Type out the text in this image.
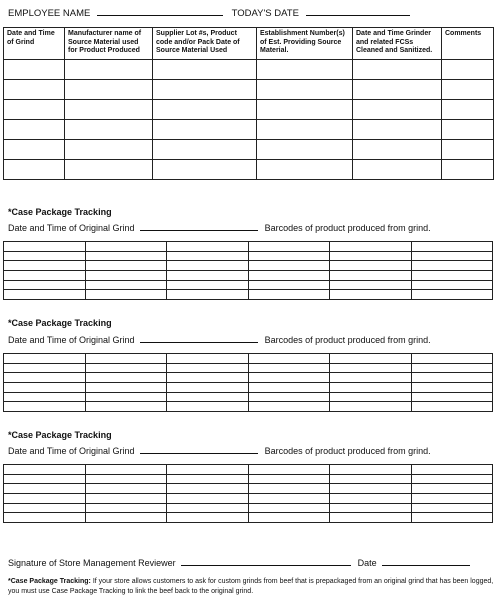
EMPLOYEE NAME	TODAY'S DATE
Date and Time of Grind	Manufacturer name of Source Material used for Product Produced	Supplier Lot #s, Product code and/or Pack Date of Source Material Used	Establishment Number(s) of Est. Providing Source Material.	Date and Time Grinder and related FCSs Cleaned and Sanitized.	Comments

*Case Package Tracking
Date and Time of Original Grind	Barcodes of product produced from grind.

*Case Package Tracking
Date and Time of Original Grind	Barcodes of product produced from grind.

*Case Package Tracking
Date and Time of Original Grind	Barcodes of product produced from grind.

Signature of Store Management Reviewer	Date
*Case Package Tracking: If your store allows customers to ask for custom grinds from beef that is prepackaged from an original grind that has been logged, you must use Case Package Tracking to link the beef back to the original grind.
